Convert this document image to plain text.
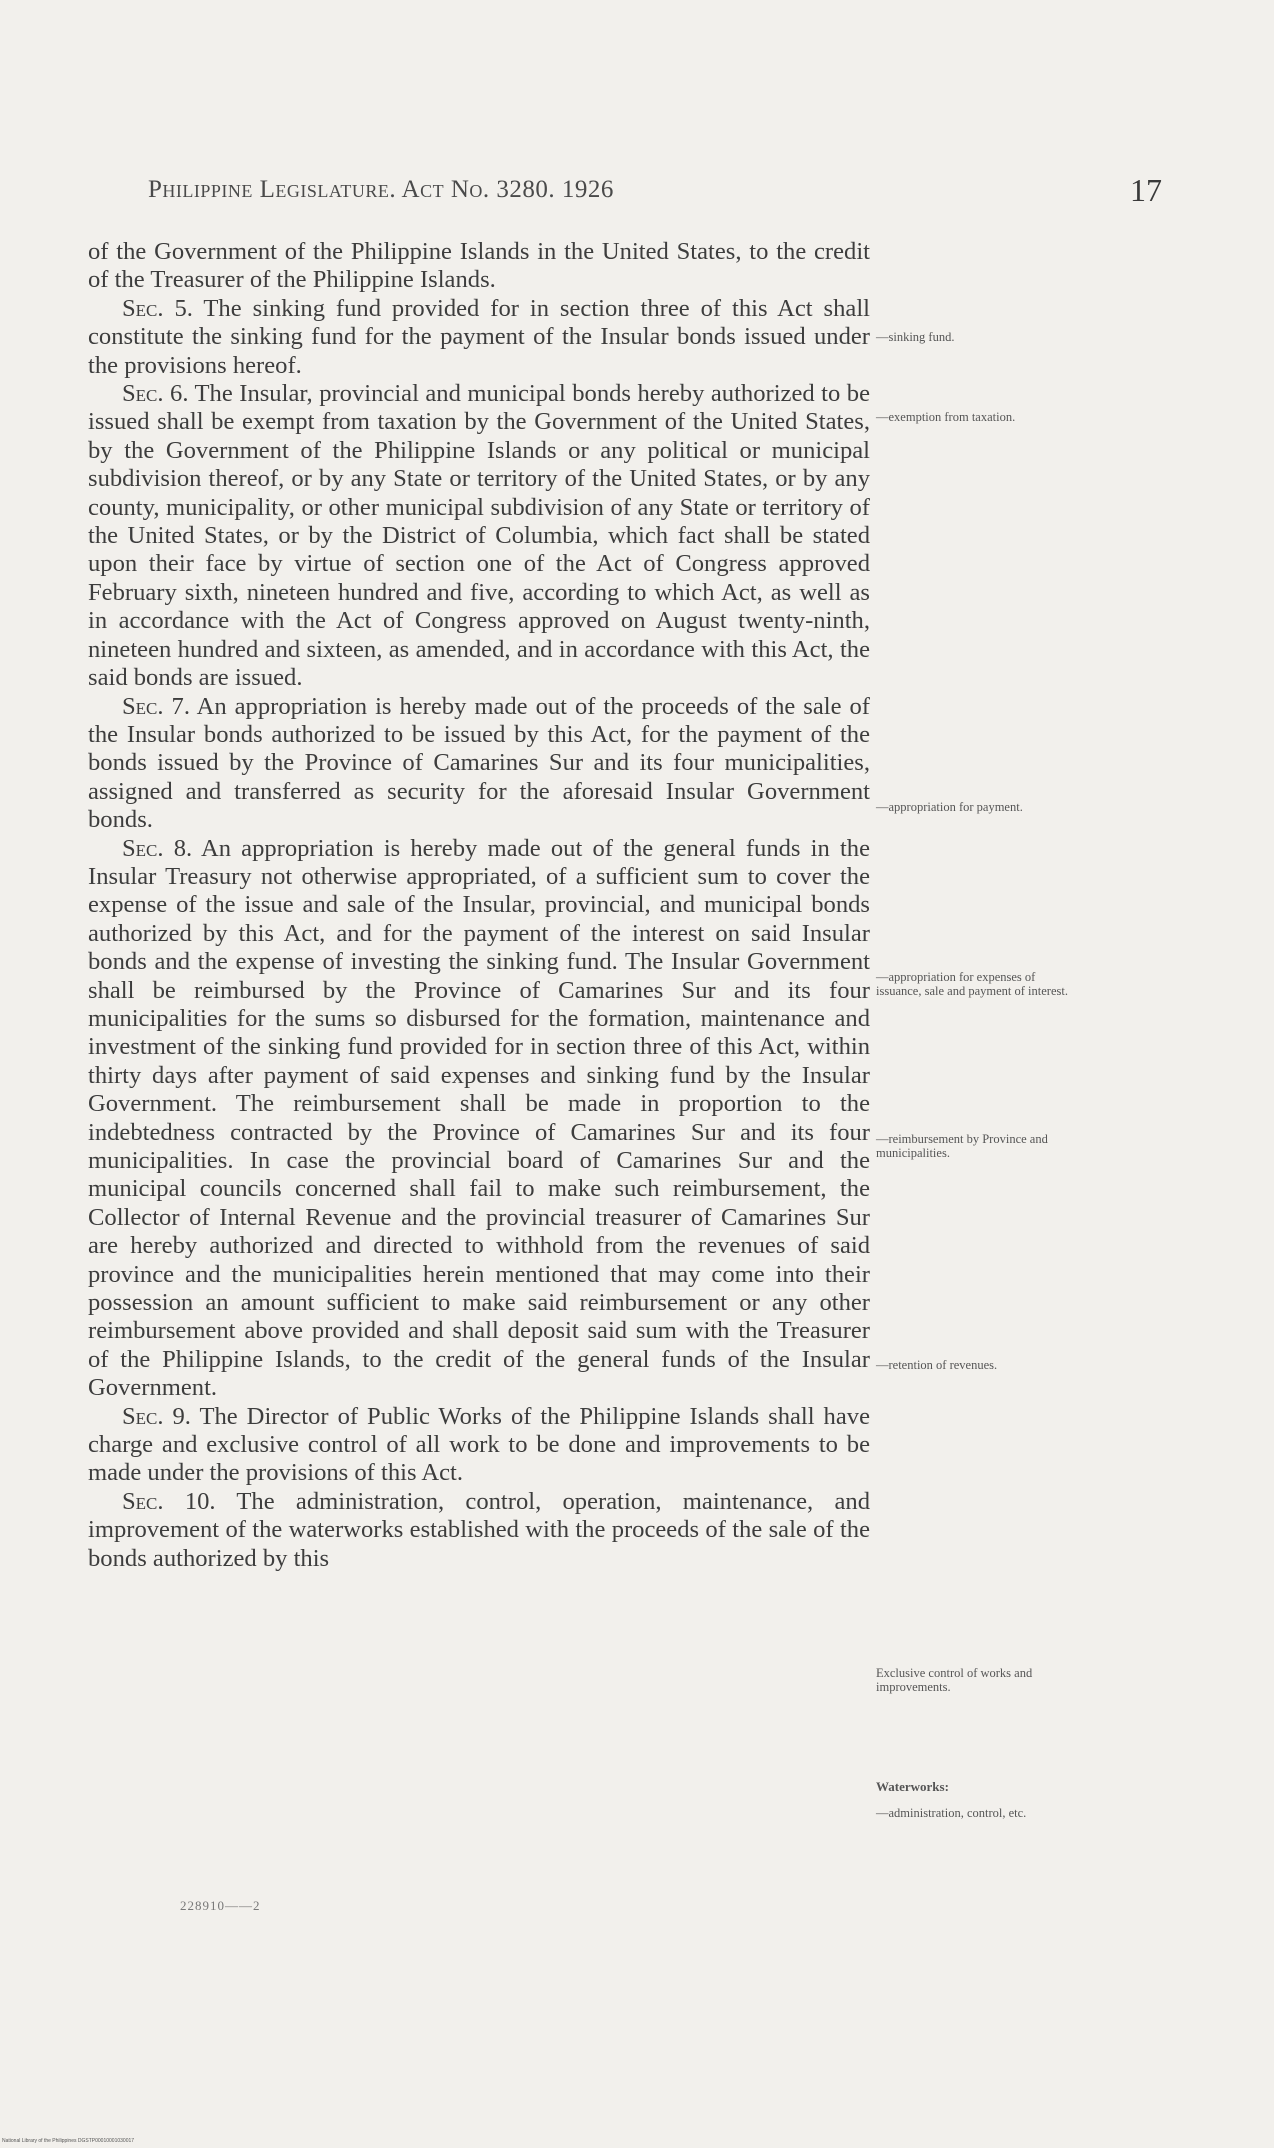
Philippine Legislature. Act No. 3280. 1926	17

of the Government of the Philippine Islands in the United States, to the credit of the Treasurer of the Philippine Islands.

Sec. 5. The sinking fund provided for in section three of this Act shall constitute the sinking fund for the payment of the Insular bonds issued under the provisions hereof.

Sec. 6. The Insular, provincial and municipal bonds hereby authorized to be issued shall be exempt from taxation by the Government of the United States, by the Government of the Philippine Islands or any political or municipal subdivision thereof, or by any State or territory of the United States, or by any county, municipality, or other municipal subdivision of any State or territory of the United States, or by the District of Columbia, which fact shall be stated upon their face by virtue of section one of the Act of Congress approved February sixth, nineteen hundred and five, according to which Act, as well as in accordance with the Act of Congress approved on August twenty-ninth, nineteen hundred and sixteen, as amended, and in accordance with this Act, the said bonds are issued.

Sec. 7. An appropriation is hereby made out of the proceeds of the sale of the Insular bonds authorized to be issued by this Act, for the payment of the bonds issued by the Province of Camarines Sur and its four municipalities, assigned and transferred as security for the aforesaid Insular Government bonds.

Sec. 8. An appropriation is hereby made out of the general funds in the Insular Treasury not otherwise appropriated, of a sufficient sum to cover the expense of the issue and sale of the Insular, provincial, and municipal bonds authorized by this Act, and for the payment of the interest on said Insular bonds and the expense of investing the sinking fund. The Insular Government shall be reimbursed by the Province of Camarines Sur and its four municipalities for the sums so disbursed for the formation, maintenance and investment of the sinking fund provided for in section three of this Act, within thirty days after payment of said expenses and sinking fund by the Insular Government. The reimbursement shall be made in proportion to the indebtedness contracted by the Province of Camarines Sur and its four municipalities. In case the provincial board of Camarines Sur and the municipal councils concerned shall fail to make such reimbursement, the Collector of Internal Revenue and the provincial treasurer of Camarines Sur are hereby authorized and directed to withhold from the revenues of said province and the municipalities herein mentioned that may come into their possession an amount sufficient to make said reimbursement or any other reimbursement above provided and shall deposit said sum with the Treasurer of the Philippine Islands, to the credit of the general funds of the Insular Government.

Sec. 9. The Director of Public Works of the Philippine Islands shall have charge and exclusive control of all work to be done and improvements to be made under the provisions of this Act.

Sec. 10. The administration, control, operation, maintenance, and improvement of the waterworks established with the proceeds of the sale of the bonds authorized by this

—sinking fund.
—exemption from taxation.
—appropriation for payment.
—appropriation for expenses of issuance, sale and payment of interest.
—reimbursement by Province and municipalities.
—retention of revenues.
Exclusive control of works and improvements.
Waterworks:
—administration, control, etc.
228910——2
National Library of the Philippines DGSTP00010001030017
